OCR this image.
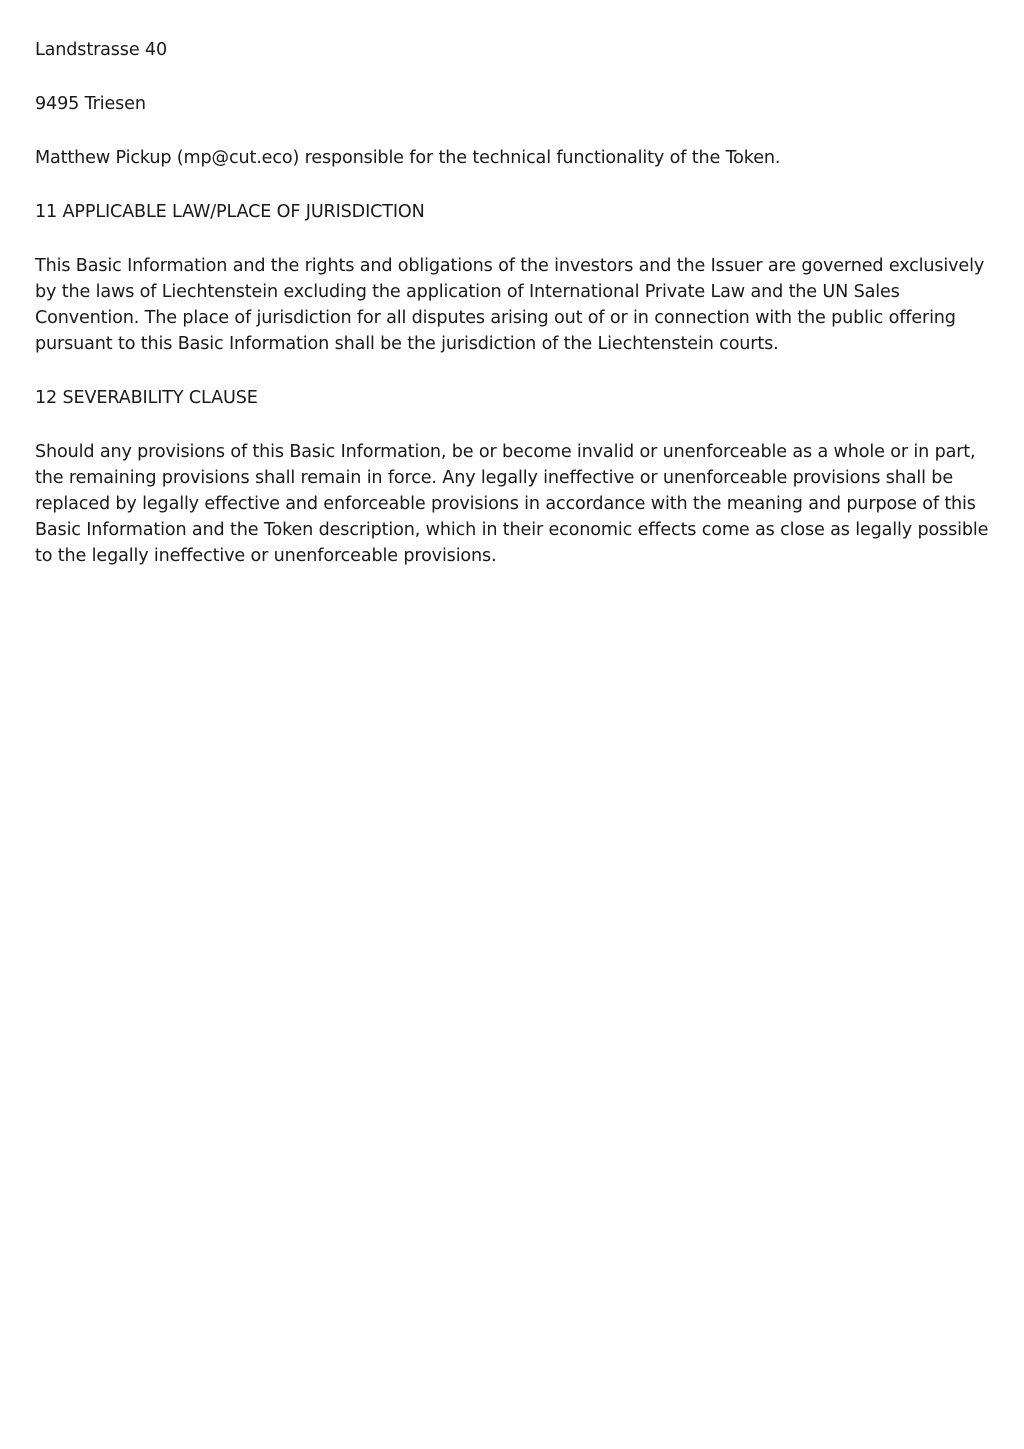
Landstrasse 40

9495 Triesen

Matthew Pickup (mp@cut.eco) responsible for the technical functionality of the Token.

11 APPLICABLE LAW/PLACE OF JURISDICTION

This Basic Information and the rights and obligations of the investors and the Issuer are governed exclusively by the laws of Liechtenstein excluding the application of International Private Law and the UN Sales Convention. The place of jurisdiction for all disputes arising out of or in connection with the public offering pursuant to this Basic Information shall be the jurisdiction of the Liechtenstein courts.

12 SEVERABILITY CLAUSE

Should any provisions of this Basic Information, be or become invalid or unenforceable as a whole or in part, the remaining provisions shall remain in force. Any legally ineffective or unenforceable provisions shall be replaced by legally effective and enforceable provisions in accordance with the meaning and purpose of this Basic Information and the Token description, which in their economic effects come as close as legally possible to the legally ineffective or unenforceable provisions.
